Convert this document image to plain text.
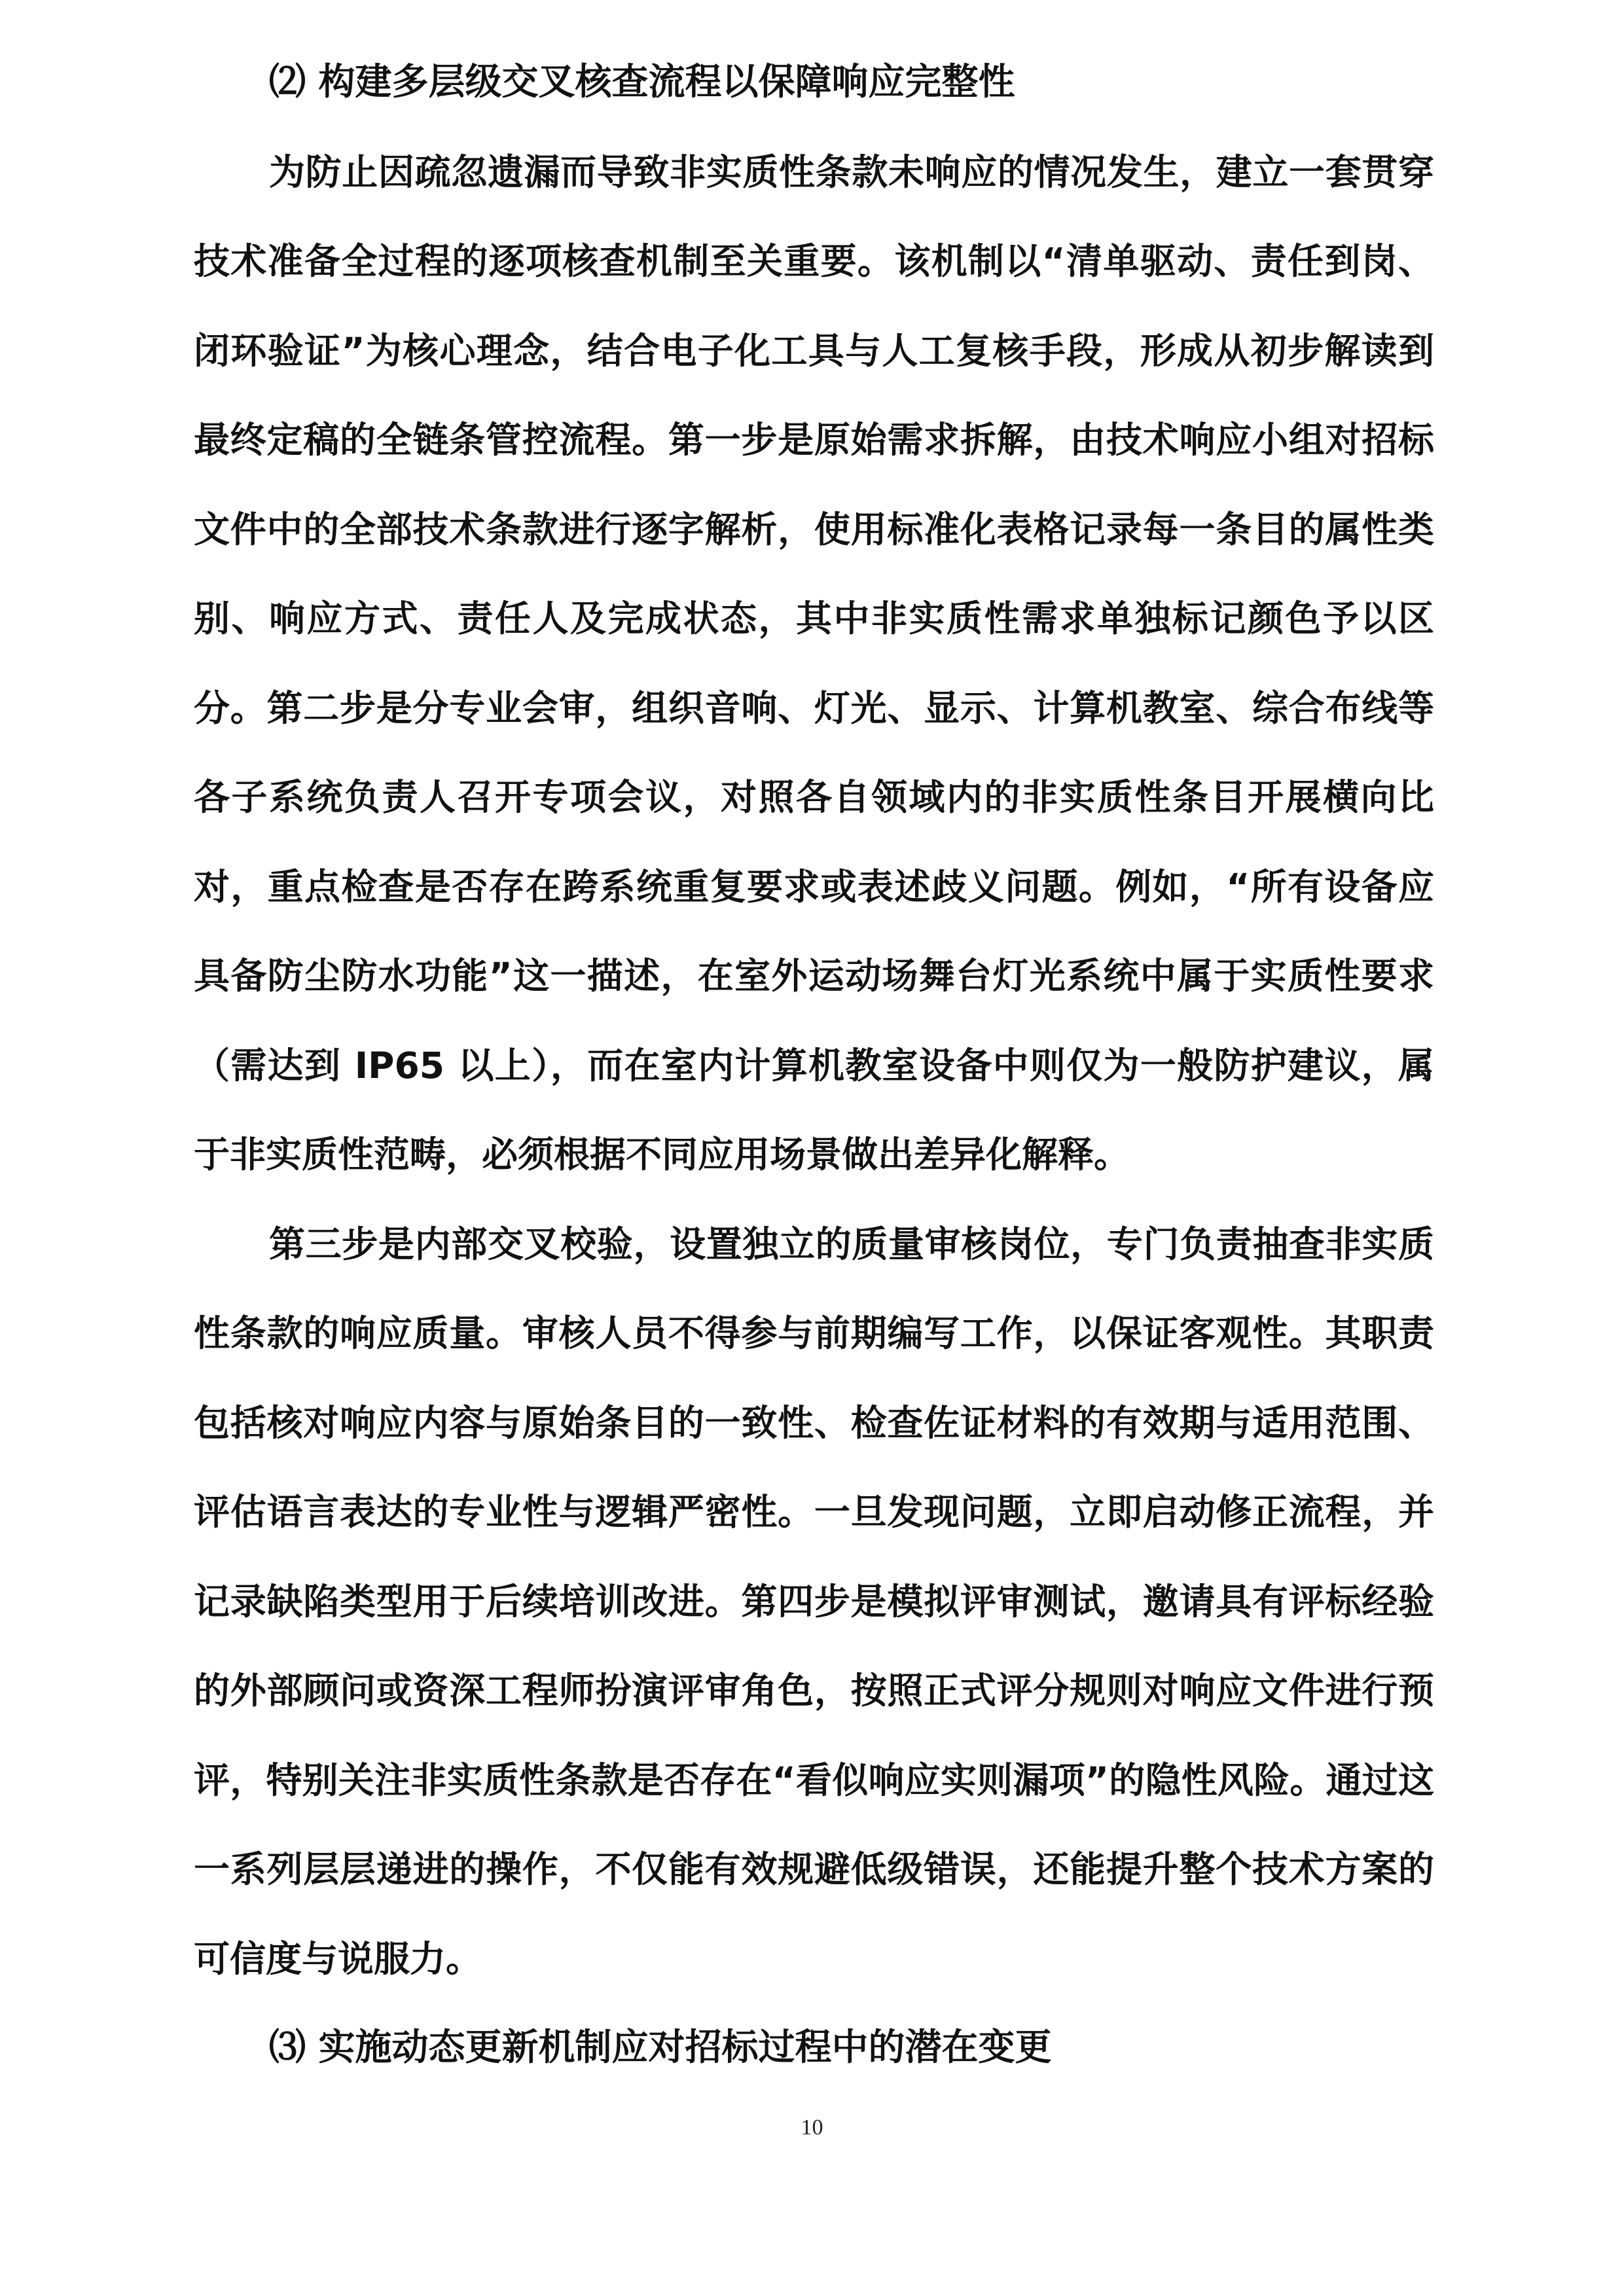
⑵ 构建多层级交叉核查流程以保障响应完整性

为防止因疏忽遗漏而导致非实质性条款未响应的情况发生，建立一套贯穿技术准备全过程的逐项核查机制至关重要。该机制以“清单驱动、责任到岗、闭环验证”为核心理念，结合电子化工具与人工复核手段，形成从初步解读到最终定稿的全链条管控流程。第一步是原始需求拆解，由技术响应小组对招标文件中的全部技术条款进行逐字解析，使用标准化表格记录每一条目的属性类别、响应方式、责任人及完成状态，其中非实质性需求单独标记颜色予以区分。第二步是分专业会审，组织音响、灯光、显示、计算机教室、综合布线等各子系统负责人召开专项会议，对照各自领域内的非实质性条目开展横向比对，重点检查是否存在跨系统重复要求或表述歧义问题。例如，“所有设备应具备防尘防水功能”这一描述，在室外运动场舞台灯光系统中属于实质性要求（需达到 IP65 以上），而在室内计算机教室设备中则仅为一般防护建议，属于非实质性范畴，必须根据不同应用场景做出差异化解释。

第三步是内部交叉校验，设置独立的质量审核岗位，专门负责抽查非实质性条款的响应质量。审核人员不得参与前期编写工作，以保证客观性。其职责包括核对响应内容与原始条目的一致性、检查佐证材料的有效期与适用范围、评估语言表达的专业性与逻辑严密性。一旦发现问题，立即启动修正流程，并记录缺陷类型用于后续培训改进。第四步是模拟评审测试，邀请具有评标经验的外部顾问或资深工程师扮演评审角色，按照正式评分规则对响应文件进行预评，特别关注非实质性条款是否存在“看似响应实则漏项”的隐性风险。通过这一系列层层递进的操作，不仅能有效规避低级错误，还能提升整个技术方案的可信度与说服力。

⑶ 实施动态更新机制应对招标过程中的潜在变更

10
